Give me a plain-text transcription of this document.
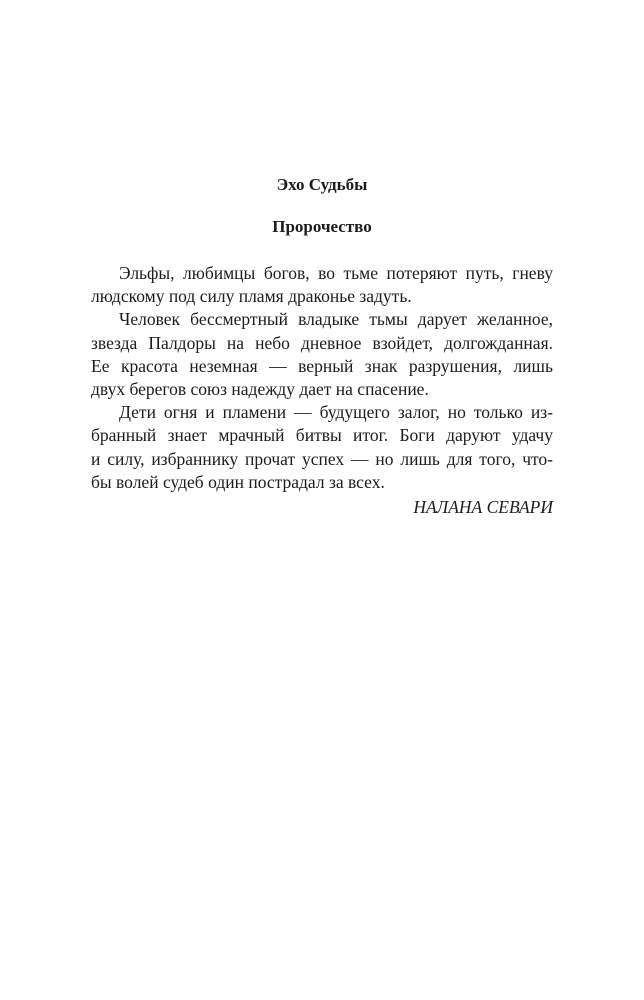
Эхо Судьбы
Пророчество

Эльфы, любимцы богов, во тьме потеряют путь, гневу
людскому под силу пламя драконье задуть.

Человек бессмертный владыке тьмы дарует желанное,
звезда Палдоры на небо дневное взойдет, долгожданная.
Ее красота неземная — верный знак разрушения, лишь
двух берегов союз надежду дает на спасение.

Дети огня и пламени — будущего залог, но только из-
бранный знает мрачный битвы итог. Боги даруют удачу
и силу, избраннику прочат успех — но лишь для того, что-
бы волей судеб один пострадал за всех.

НАЛАНА СЕВАРИ
